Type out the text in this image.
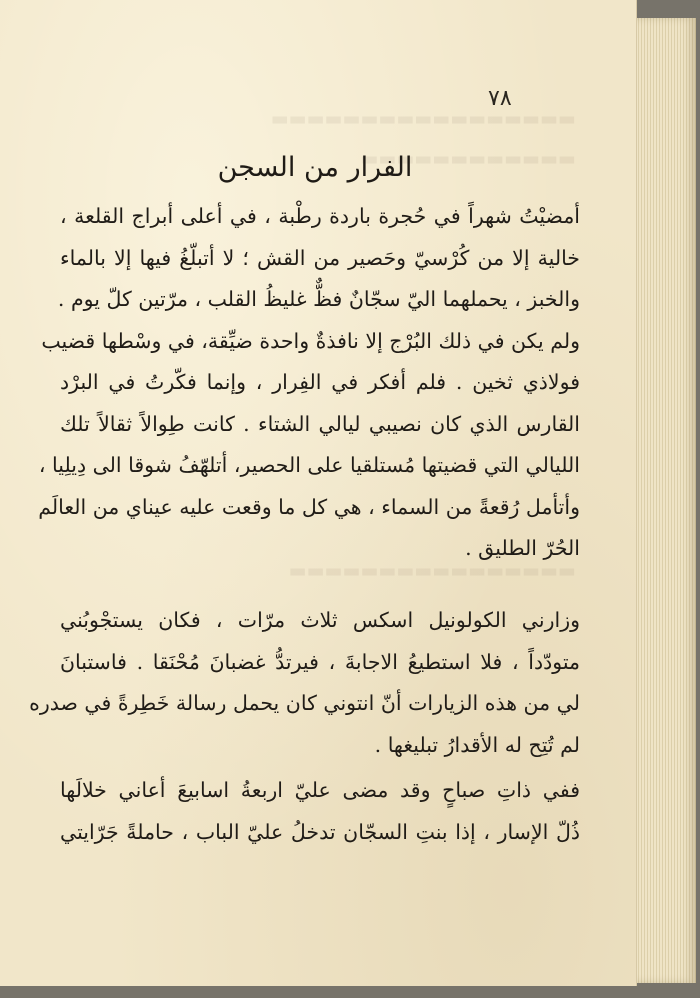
▬▬▬▬▬▬▬▬▬▬▬▬▬▬▬▬▬
▬▬▬▬▬▬▬▬▬▬▬▬
▬▬▬▬▬▬▬▬▬▬▬▬▬▬▬▬
٧٨
الفرار من السجن
أمضيْتُ شهراً في حُجرة باردة رطْبة ، في أعلى أبراج القلعة ،
خالية إلا من كُرْسيّ وحَصير من القش ؛ لا أتبلّغُ فيها إلا بالماء
والخبز ، يحملهما اليّ سجّانٌ فظٌّ غليظُ القلب ، مرّتين كلّ يوم .
ولم يكن في ذلك البُرْج إلا نافذةٌ واحدة ضيِّقة، في وسْطها قضيب
فولاذي ثخين . فلم أفكر في الفِرار ، وإنما فكّرتُ في البرْد
القارس الذي كان نصيبي ليالي الشتاء . كانت طِوالاً ثقالاً تلك
الليالي التي قضيتها مُستلقيا على الحصير، أتلهّفُ شوقا الى دِيلِيا ،
وأتأمل رُقعةً من السماء ، هي كل ما وقعت عليه عيناي من العالَم
الحُرّ الطليق .
وزارني الكولونيل اسكس ثلاث مرّات ، فكان يستجْوبُني
متودّداً ، فلا استطيعُ الاجابةَ ، فيرتدُّ غضبانَ مُحْنَقا . فاستبانَ
لي من هذه الزيارات أنّ انتوني كان يحمل رسالة خَطِرةً في صدره
لم تُتِح له الأقدارُ تبليغها .
ففي ذاتِ صباحٍ وقد مضى عليّ اربعةُ اسابيعَ أعاني خلالَها
ذُلّ الإسار ، إذا بنتِ السجّان تدخلُ عليّ الباب ، حاملةً جَرّايتي
